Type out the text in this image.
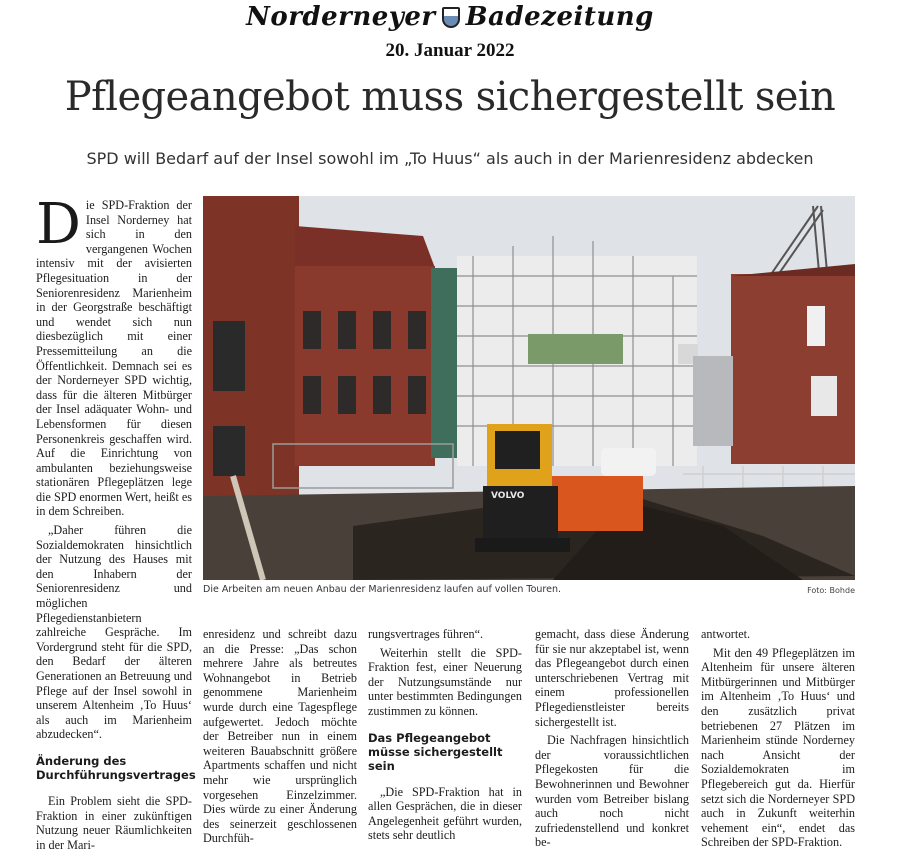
Norderneyer Badezeitung
20. Januar 2022
Pflegeangebot muss sichergestellt sein
SPD will Bedarf auf der Insel sowohl im „To Huus“ als auch in der Marienresidenz abdecken

Die SPD-Fraktion der Insel Norderney hat sich in den vergangenen Wochen intensiv mit der avisierten Pflegesituation in der Seniorenresidenz Marienheim in der Georgstraße beschäftigt und wendet sich nun diesbezüglich mit einer Pressemitteilung an die Öffentlichkeit. Demnach sei es der Norderneyer SPD wichtig, dass für die älteren Mitbürger der Insel adäquater Wohn- und Lebensformen für diesen Personenkreis geschaffen wird. Auf die Einrichtung von ambulanten beziehungsweise stationären Pflegeplätzen lege die SPD enormen Wert, heißt es in dem Schreiben.

„Daher führen die Sozialdemokraten hinsichtlich der Nutzung des Hauses mit den Inhabern der Seniorenresidenz und möglichen Pflegedienstanbietern zahlreiche Gespräche. Im Vordergrund steht für die SPD, den Bedarf der älteren Generationen an Betreuung und Pflege auf der Insel sowohl in unserem Altenheim ‚To Huus‘ als auch im Marienheim abzudecken“.

Änderung des Durchführungsvertrages

Ein Problem sieht die SPD-Fraktion in einer zukünftigen Nutzung neuer Räumlichkeiten in der Mari-

VOLVO
Die Arbeiten am neuen Anbau der Marienresidenz laufen auf vollen Touren.	Foto: Bohde

enresidenz und schreibt dazu an die Presse: „Das schon mehrere Jahre als betreutes Wohnangebot in Betrieb genommene Marienheim wurde durch eine Tagespflege aufgewertet. Jedoch möchte der Betreiber nun in einem weiteren Bauabschnitt größere Apartments schaffen und nicht mehr wie ursprünglich vorgesehen Einzelzimmer. Dies würde zu einer Änderung des seinerzeit geschlossenen Durchfüh-

rungsvertrages führen“.

Weiterhin stellt die SPD-Fraktion fest, einer Neuerung der Nutzungsumstände nur unter bestimmten Bedingungen zustimmen zu können.

Das Pflegeangebot müsse sichergestellt sein

„Die SPD-Fraktion hat in allen Gesprächen, die in dieser Angelegenheit geführt wurden, stets sehr deutlich

gemacht, dass diese Änderung für sie nur akzeptabel ist, wenn das Pflegeangebot durch einen unterschriebenen Vertrag mit einem professionellen Pflegedienstleister bereits sichergestellt ist.

Die Nachfragen hinsichtlich der voraussichtlichen Pflegekosten für die Bewohnerinnen und Bewohner wurden vom Betreiber bislang auch noch nicht zufriedenstellend und konkret be-

antwortet.

Mit den 49 Pflegeplätzen im Altenheim für unsere älteren Mitbürgerinnen und Mitbürger im Altenheim ‚To Huus‘ und den zusätzlich privat betriebenen 27 Plätzen im Marienheim stünde Norderney nach Ansicht der Sozialdemokraten im Pflegebereich gut da. Hierfür setzt sich die Norderneyer SPD auch in Zukunft weiterhin vehement ein“, endet das Schreiben der SPD-Fraktion.
